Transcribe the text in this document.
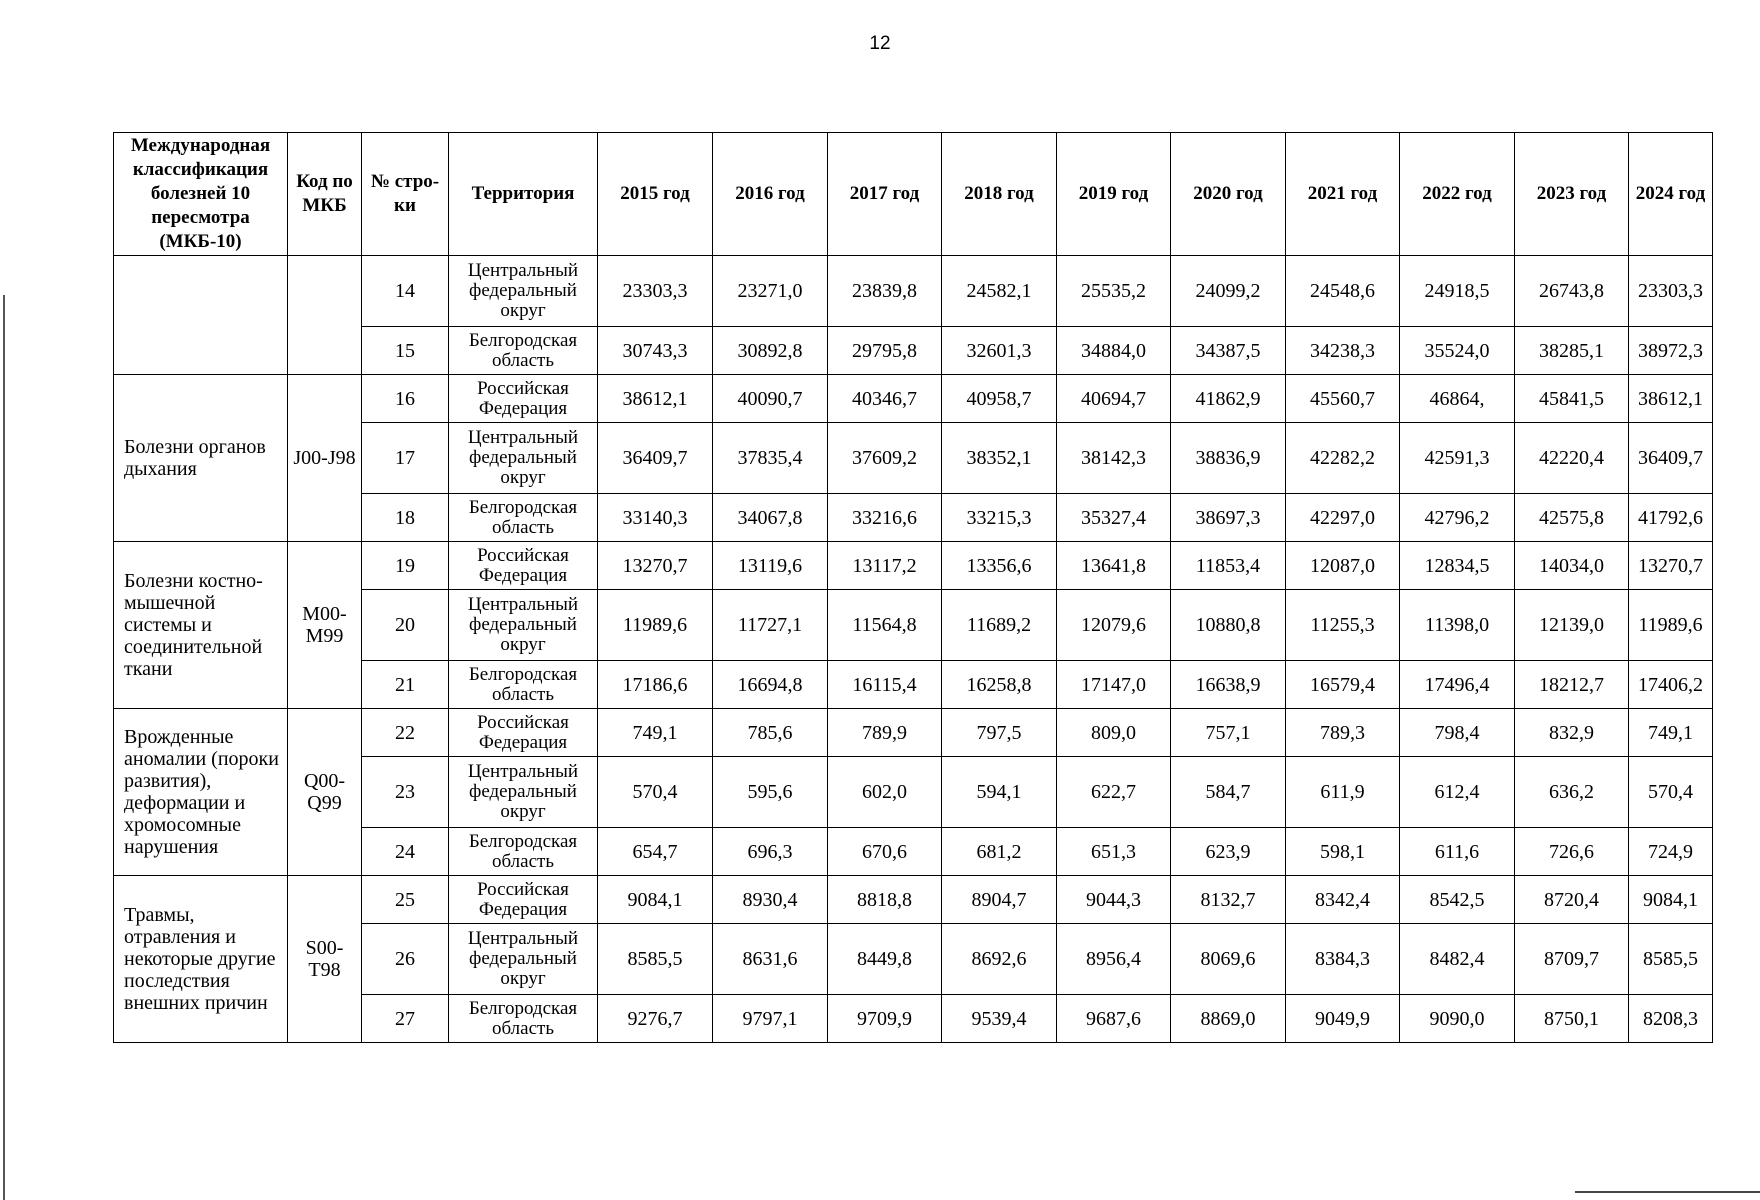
12
Международная классификация болезней 10 пересмотра (МКБ-10)	Код по МКБ	№ стро-ки	Территория	2015 год	2016 год	2017 год	2018 год	2019 год	2020 год	2021 год	2022 год	2023 год	2024 год
		14	Центральный федеральный округ	23303,3	23271,0	23839,8	24582,1	25535,2	24099,2	24548,6	24918,5	26743,8	23303,3
		15	Белгородская область	30743,3	30892,8	29795,8	32601,3	34884,0	34387,5	34238,3	35524,0	38285,1	38972,3
Болезни органов дыхания	J00-J98	16	Российская Федерация	38612,1	40090,7	40346,7	40958,7	40694,7	41862,9	45560,7	46864,	45841,5	38612,1
		17	Центральный федеральный округ	36409,7	37835,4	37609,2	38352,1	38142,3	38836,9	42282,2	42591,3	42220,4	36409,7
		18	Белгородская область	33140,3	34067,8	33216,6	33215,3	35327,4	38697,3	42297,0	42796,2	42575,8	41792,6
Болезни костно-мышечной системы и соединительной ткани	M00-M99	19	Российская Федерация	13270,7	13119,6	13117,2	13356,6	13641,8	11853,4	12087,0	12834,5	14034,0	13270,7
		20	Центральный федеральный округ	11989,6	11727,1	11564,8	11689,2	12079,6	10880,8	11255,3	11398,0	12139,0	11989,6
		21	Белгородская область	17186,6	16694,8	16115,4	16258,8	17147,0	16638,9	16579,4	17496,4	18212,7	17406,2
Врожденные аномалии (пороки развития), деформации и хромосомные нарушения	Q00-Q99	22	Российская Федерация	749,1	785,6	789,9	797,5	809,0	757,1	789,3	798,4	832,9	749,1
		23	Центральный федеральный округ	570,4	595,6	602,0	594,1	622,7	584,7	611,9	612,4	636,2	570,4
		24	Белгородская область	654,7	696,3	670,6	681,2	651,3	623,9	598,1	611,6	726,6	724,9
Травмы, отравления и некоторые другие последствия внешних причин	S00-T98	25	Российская Федерация	9084,1	8930,4	8818,8	8904,7	9044,3	8132,7	8342,4	8542,5	8720,4	9084,1
		26	Центральный федеральный округ	8585,5	8631,6	8449,8	8692,6	8956,4	8069,6	8384,3	8482,4	8709,7	8585,5
		27	Белгородская область	9276,7	9797,1	9709,9	9539,4	9687,6	8869,0	9049,9	9090,0	8750,1	8208,3
